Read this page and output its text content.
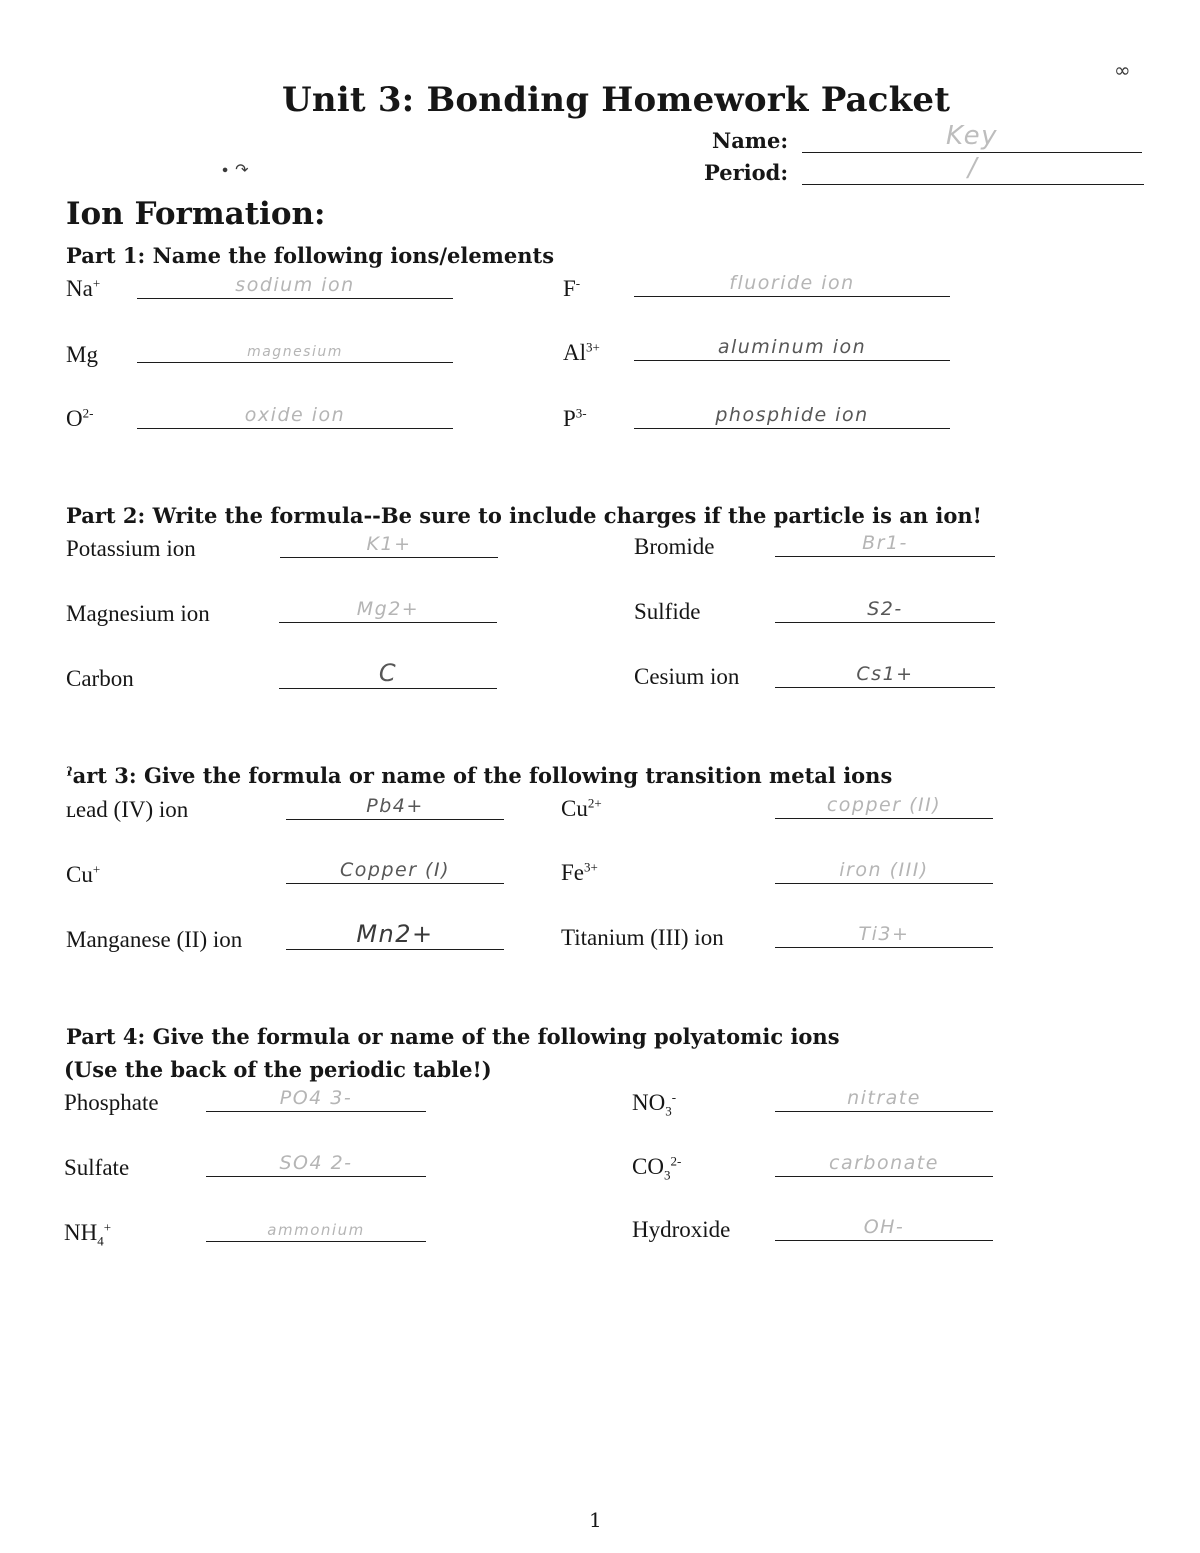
∞
∙ ↷
Unit 3: Bonding Homework Packet
Name:	Key
Period:	/
Ion Formation:
Part 1: Name the following ions/elements
Na+	sodium ion	F-	fluoride ion
Mg	magnesium	$Al^{3+}$	aluminum ion
$O^{2-}$	oxide ion	$P^{3-}$	phosphide ion
Part 2: Write the formula--Be sure to include charges if the particle is an ion!
Potassium ion	K1+	Bromide	Br1-
Magnesium ion	Mg2+	Sulfide	S2-
Carbon	C	Cesium ion	Cs1+
ˀart 3: Give the formula or name of the following transition metal ions
ʟead (IV) ion	Pb4+	$Cu^{2+}$	copper (II)
Cu+	Copper (I)	$Fe^{3+}$	iron (III)
Manganese (II) ion	Mn2+	Titanium (III) ion	Ti3+
Part 4: Give the formula or name of the following polyatomic ions
(Use the back of the periodic table!)
Phosphate	PO4 3-	$NO_3^-$	nitrate
Sulfate	SO4 2-	$CO_3^{2-}$	carbonate
$NH_4^+$	ammonium	Hydroxide	OH-
1
